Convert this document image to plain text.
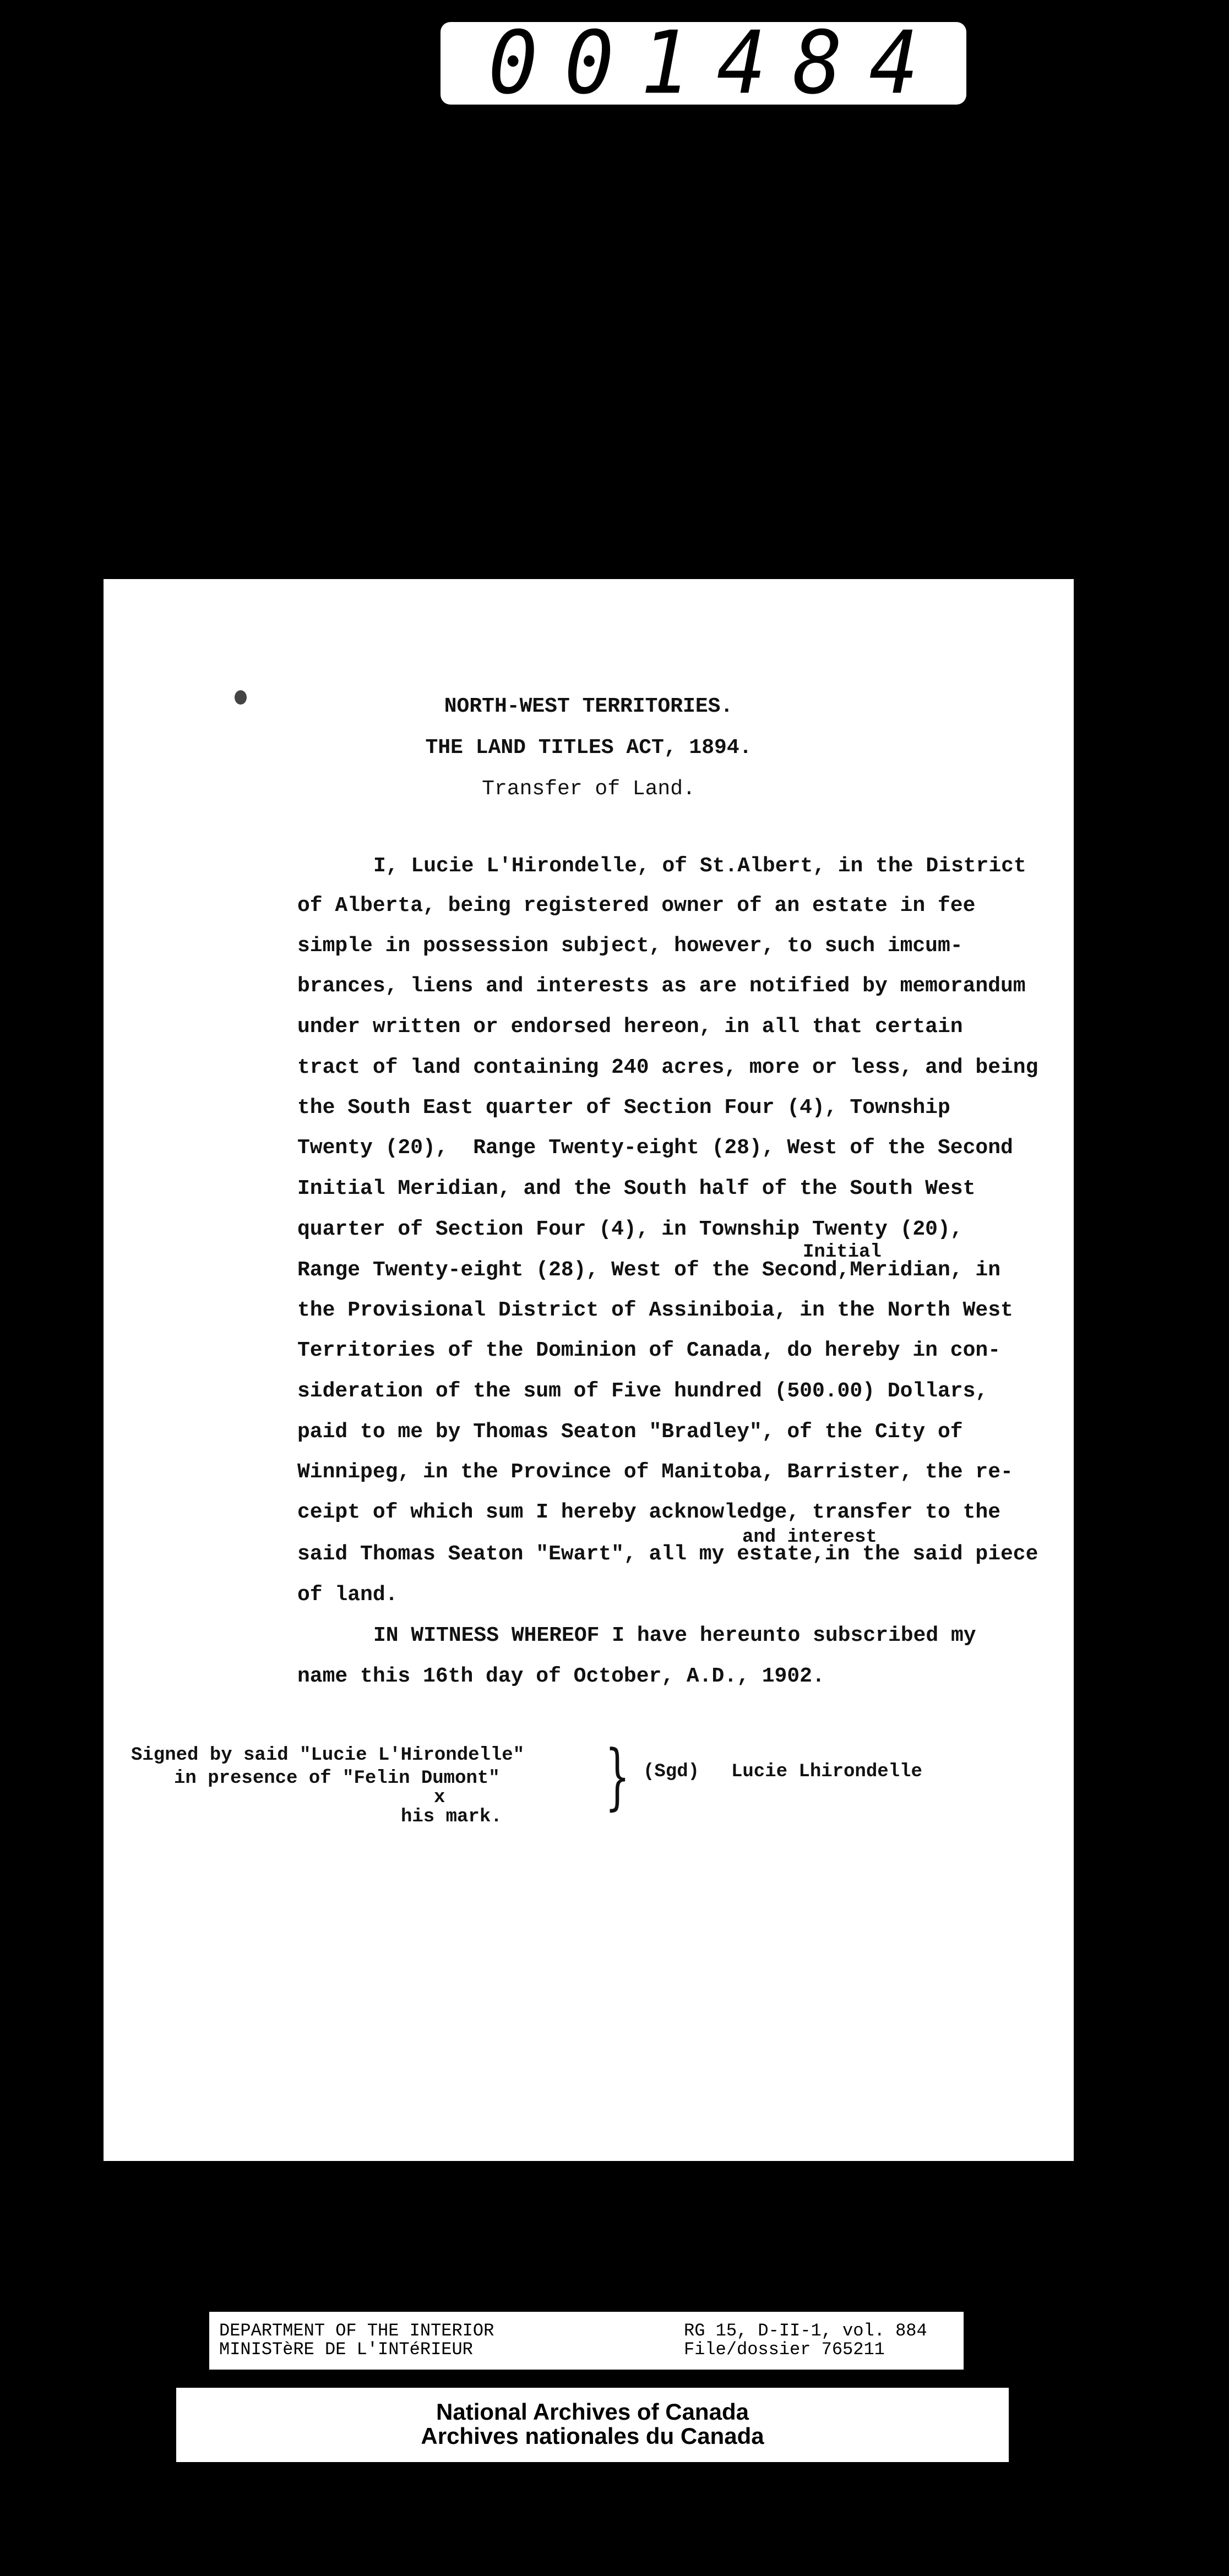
001484
NORTH-WEST TERRITORIES.
THE LAND TITLES ACT, 1894.
Transfer of Land.
I, Lucie L'Hirondelle, of St.Albert, in the District
of Alberta, being registered owner of an estate in fee
simple in possession subject, however, to such imcum-
brances, liens and interests as are notified by memorandum
under written or endorsed hereon, in all that certain
tract of land containing 240 acres, more or less, and being
the South East quarter of Section Four (4), Township
Twenty (20),  Range Twenty-eight (28), West of the Second
Initial Meridian, and the South half of the South West
quarter of Section Four (4), in Township Twenty (20),
Initial
Range Twenty-eight (28), West of the Second,Meridian, in
the Provisional District of Assiniboia, in the North West
Territories of the Dominion of Canada, do hereby in con-
sideration of the sum of Five hundred (500.00) Dollars,
paid to me by Thomas Seaton "Bradley", of the City of
Winnipeg, in the Province of Manitoba, Barrister, the re-
ceipt of which sum I hereby acknowledge, transfer to the
and interest
said Thomas Seaton "Ewart", all my estate,in the said piece
of land.
IN WITNESS WHEREOF I have hereunto subscribed my
name this 16th day of October, A.D., 1902.
Signed by said "Lucie L'Hirondelle"
in presence of "Felin Dumont"
x
his mark. } (Sgd) Lucie Lhirondelle
DEPARTMENT OF THE INTERIOR
MINISTèRE DE L'INTéRIEUR
RG 15, D-II-1, vol. 884
File/dossier 765211
National Archives of Canada
Archives nationales du Canada
